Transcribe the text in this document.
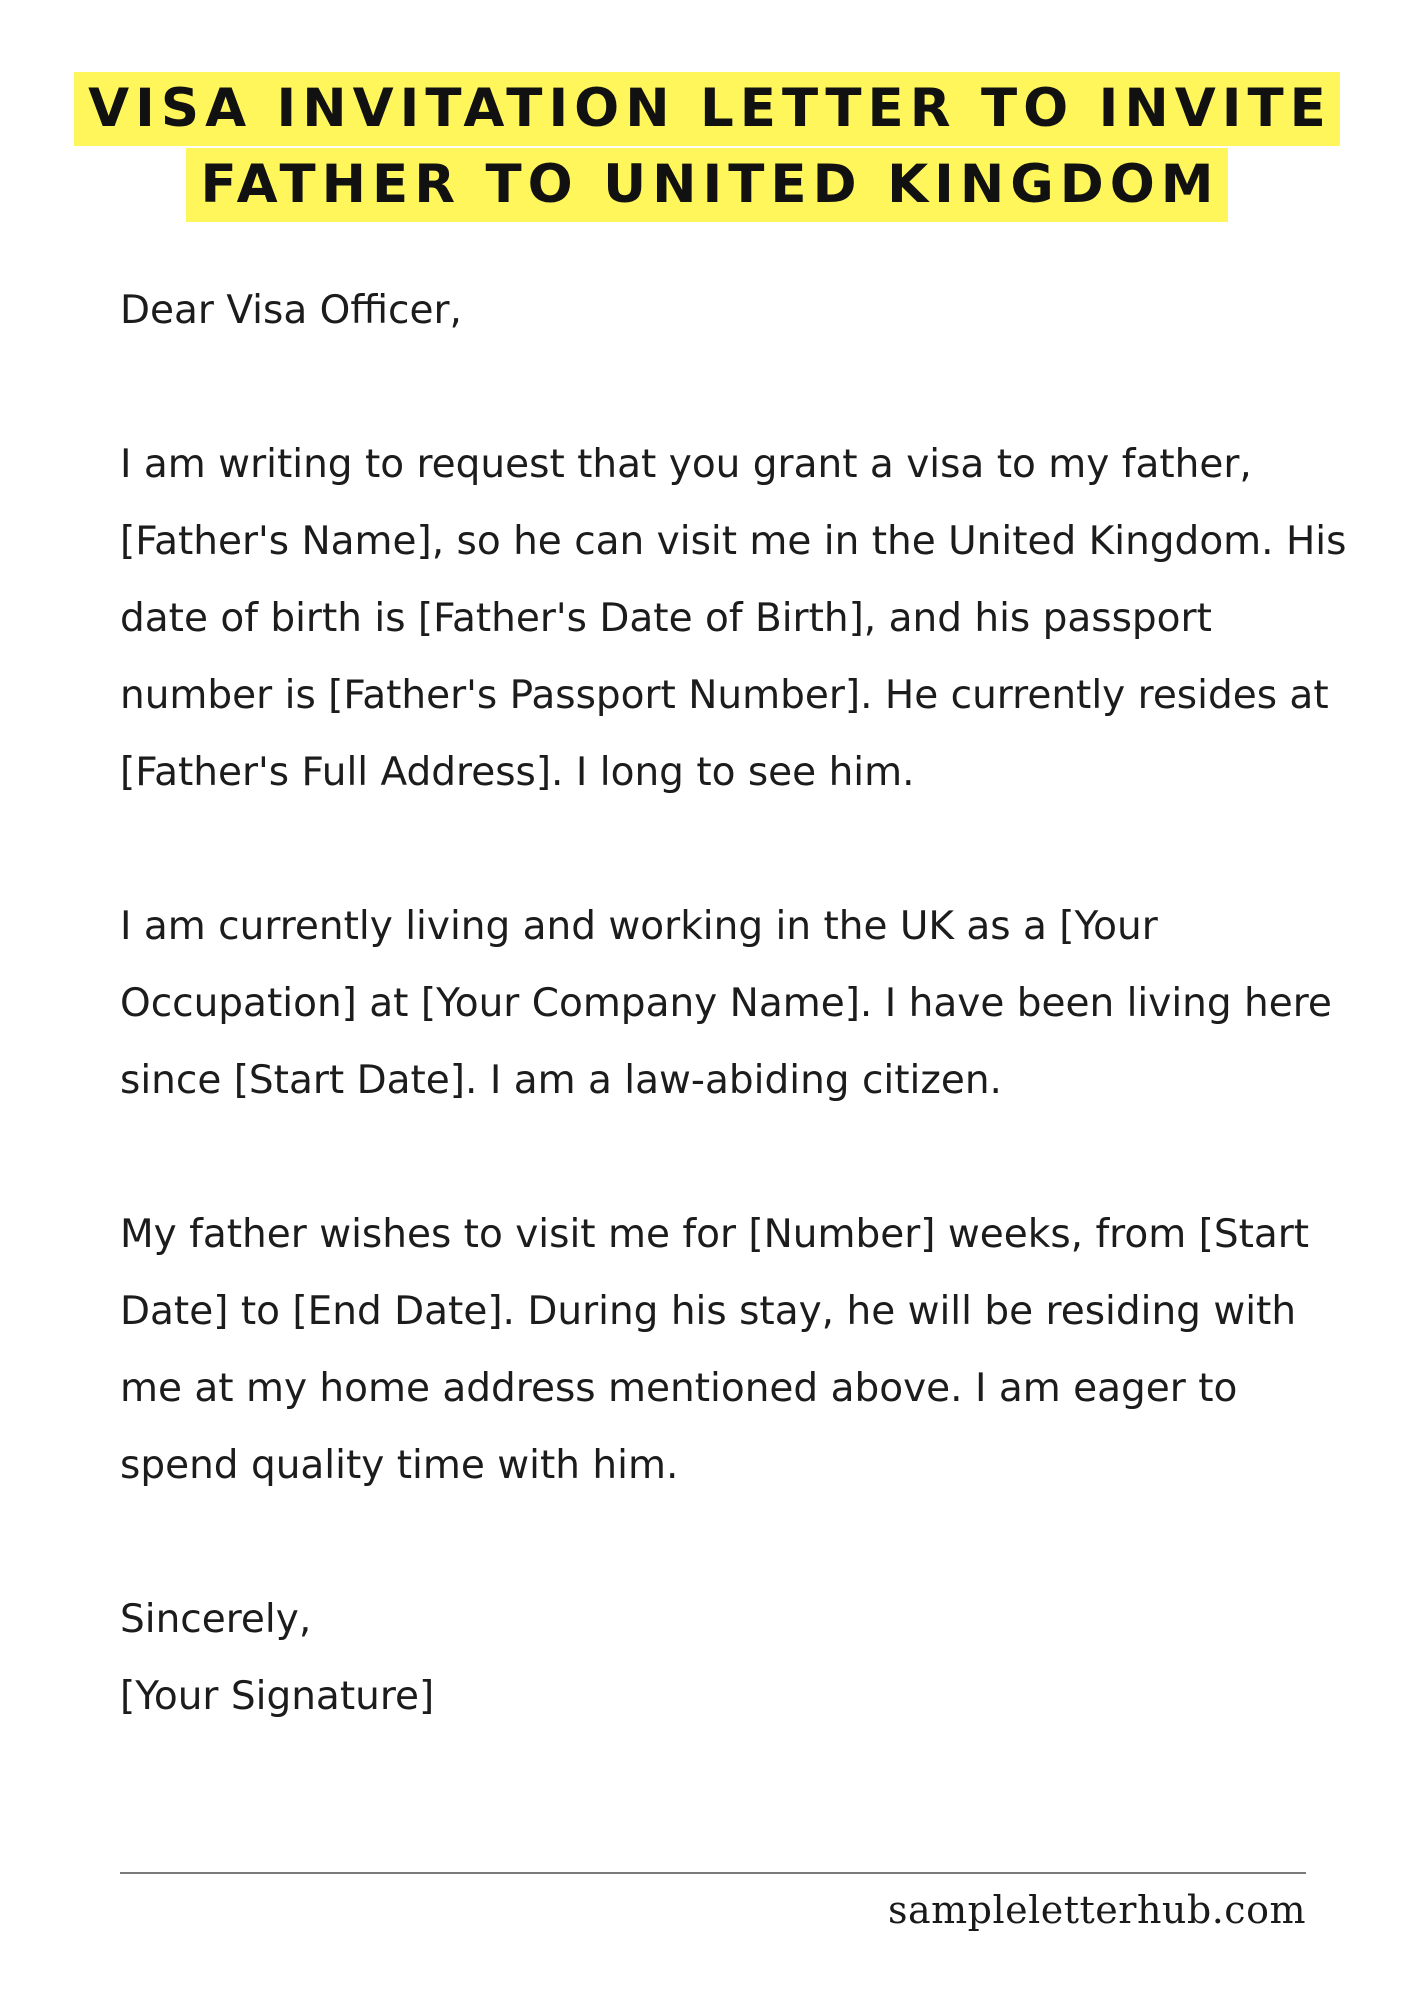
VISA INVITATION LETTER TO INVITE
FATHER TO UNITED KINGDOM

Dear Visa Officer,

I am writing to request that you grant a visa to my father, [Father's Name], so he can visit me in the United Kingdom. His date of birth is [Father's Date of Birth], and his passport number is [Father's Passport Number]. He currently resides at [Father's Full Address]. I long to see him.

I am currently living and working in the UK as a [Your Occupation] at [Your Company Name]. I have been living here since [Start Date]. I am a law-abiding citizen.

My father wishes to visit me for [Number] weeks, from [Start Date] to [End Date]. During his stay, he will be residing with me at my home address mentioned above. I am eager to spend quality time with him.

Sincerely,

[Your Signature]

sampleletterhub.com
